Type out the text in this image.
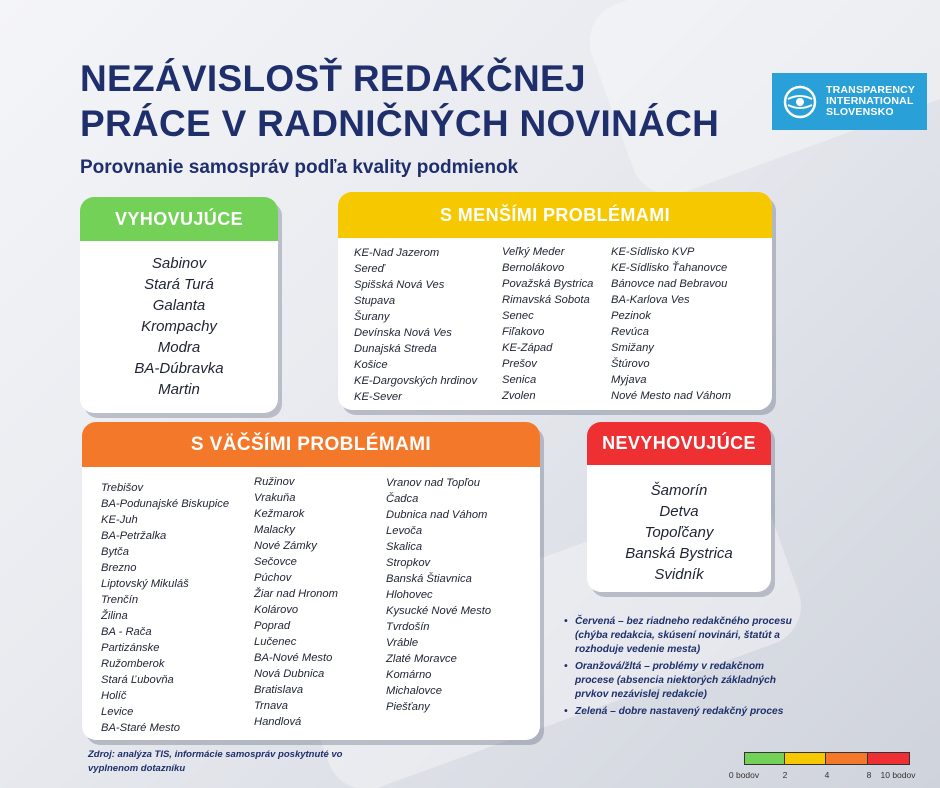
NEZÁVISLOSŤ REDAKČNEJ
PRÁCE V RADNIČNÝCH NOVINÁCH
Porovnanie samospráv podľa kvality podmienok
TRANSPARENCY
INTERNATIONAL
SLOVENSKO
VYHOVUJÚCE
Sabinov
Stará Turá
Galanta
Krompachy
Modra
BA-Dúbravka
Martin
S MENŠÍMI PROBLÉMAMI
KE-Nad Jazerom
Sereď
Spišská Nová Ves
Stupava
Šurany
Devínska Nová Ves
Dunajská Streda
Košice
KE-Dargovských hrdinov
KE-Sever
Veľký Meder
Bernolákovo
Považská Bystrica
Rimavská Sobota
Senec
Fiľakovo
KE-Západ
Prešov
Senica
Zvolen
KE-Sídlisko KVP
KE-Sídlisko Ťahanovce
Bánovce nad Bebravou
BA-Karlova Ves
Pezinok
Revúca
Smižany
Štúrovo
Myjava
Nové Mesto nad Váhom
S VÄČŠÍMI PROBLÉMAMI
Trebišov
BA-Podunajské Biskupice
KE-Juh
BA-Petržalka
Bytča
Brezno
Liptovský Mikuláš
Trenčín
Žilina
BA - Rača
Partizánske
Ružomberok
Stará Ľubovňa
Holíč
Levice
BA-Staré Mesto
Ružinov
Vrakuňa
Kežmarok
Malacky
Nové Zámky
Sečovce
Púchov
Žiar nad Hronom
Kolárovo
Poprad
Lučenec
BA-Nové Mesto
Nová Dubnica
Bratislava
Trnava
Handlová
Vranov nad Topľou
Čadca
Dubnica nad Váhom
Levoča
Skalica
Stropkov
Banská Štiavnica
Hlohovec
Kysucké Nové Mesto
Tvrdošín
Vráble
Zlaté Moravce
Komárno
Michalovce
Piešťany
NEVYHOVUJÚCE
Šamorín
Detva
Topoľčany
Banská Bystrica
Svidník
• Červená – bez riadneho redakčného procesu (chýba redakcia, skúsení novinári, štatút a rozhoduje vedenie mesta)
• Oranžová/žltá – problémy v redakčnom procese (absencia niektorých základných prvkov nezávislej redakcie)
• Zelená – dobre nastavený redakčný proces
Zdroj: analýza TIS, informácie samospráv poskytnuté vo vyplnenom dotazníku
0 bodov	2	4	8 10 bodov
